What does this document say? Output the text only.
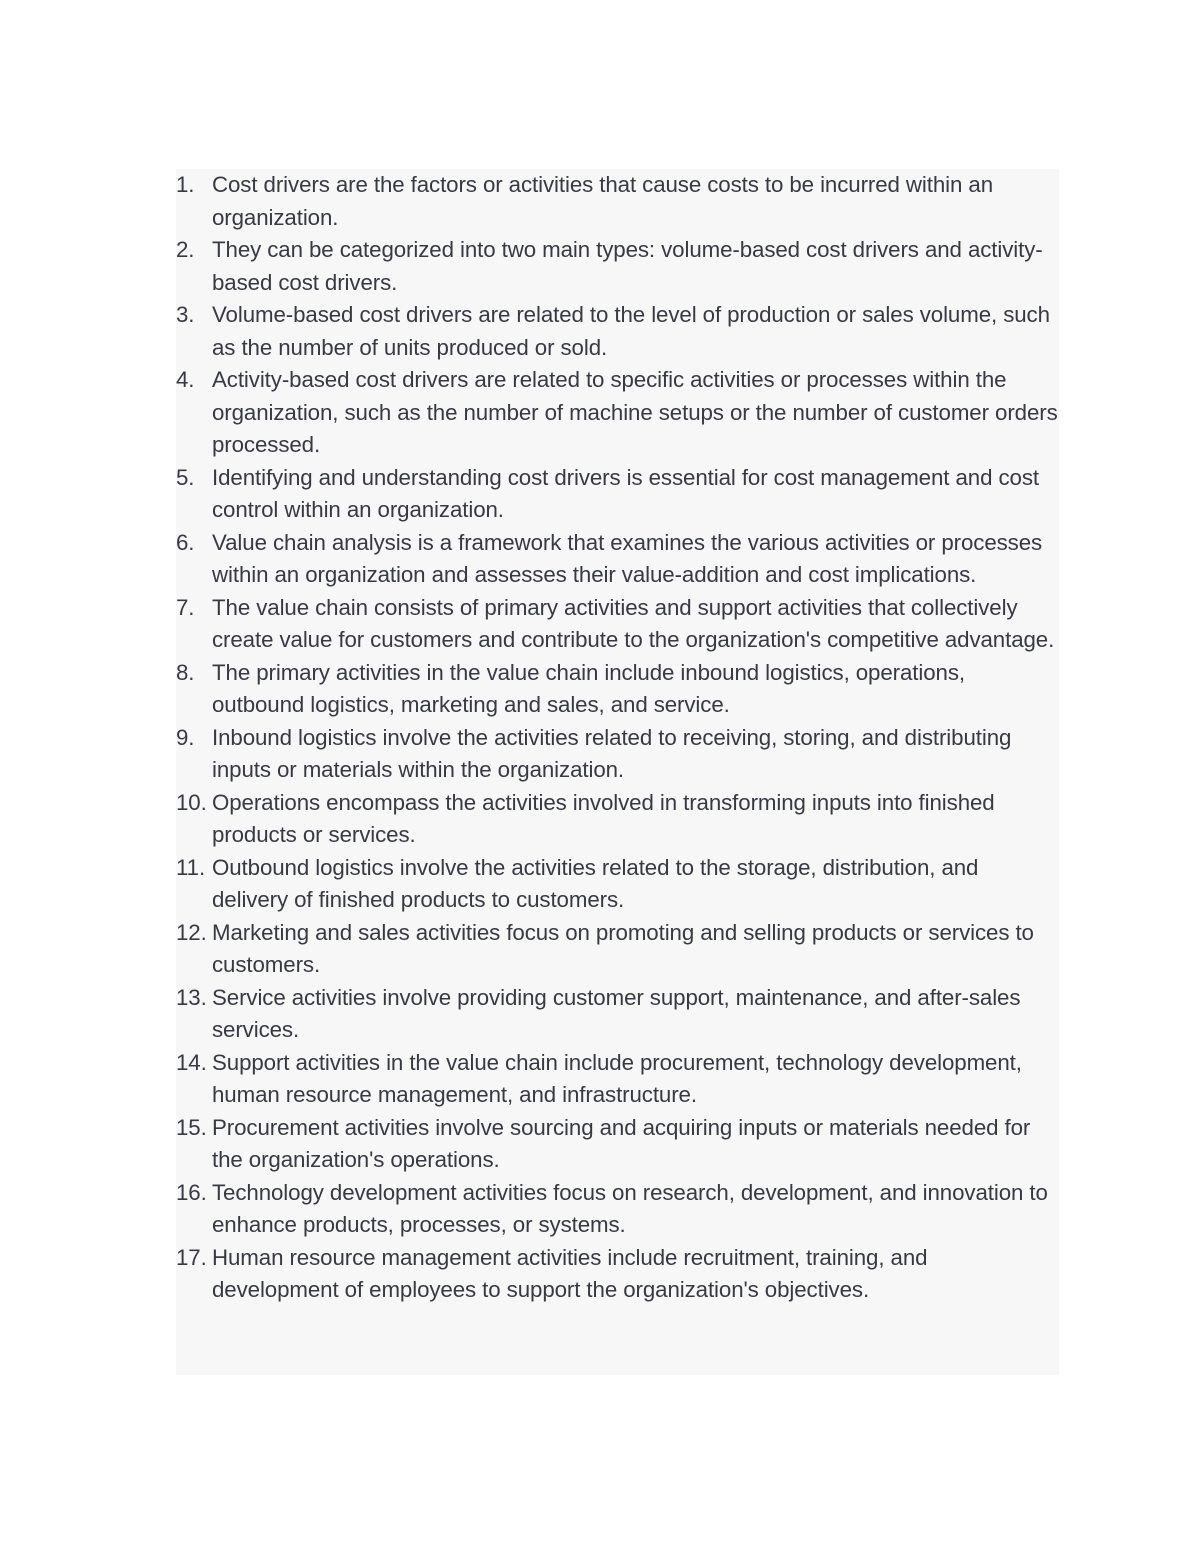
1. Cost drivers are the factors or activities that cause costs to be incurred within an organization.
2. They can be categorized into two main types: volume-based cost drivers and activity-based cost drivers.
3. Volume-based cost drivers are related to the level of production or sales volume, such as the number of units produced or sold.
4. Activity-based cost drivers are related to specific activities or processes within the organization, such as the number of machine setups or the number of customer orders processed.
5. Identifying and understanding cost drivers is essential for cost management and cost control within an organization.
6. Value chain analysis is a framework that examines the various activities or processes within an organization and assesses their value-addition and cost implications.
7. The value chain consists of primary activities and support activities that collectively create value for customers and contribute to the organization's competitive advantage.
8. The primary activities in the value chain include inbound logistics, operations, outbound logistics, marketing and sales, and service.
9. Inbound logistics involve the activities related to receiving, storing, and distributing inputs or materials within the organization.
10. Operations encompass the activities involved in transforming inputs into finished products or services.
11. Outbound logistics involve the activities related to the storage, distribution, and delivery of finished products to customers.
12. Marketing and sales activities focus on promoting and selling products or services to customers.
13. Service activities involve providing customer support, maintenance, and after-sales services.
14. Support activities in the value chain include procurement, technology development, human resource management, and infrastructure.
15. Procurement activities involve sourcing and acquiring inputs or materials needed for the organization's operations.
16. Technology development activities focus on research, development, and innovation to enhance products, processes, or systems.
17. Human resource management activities include recruitment, training, and development of employees to support the organization's objectives.
